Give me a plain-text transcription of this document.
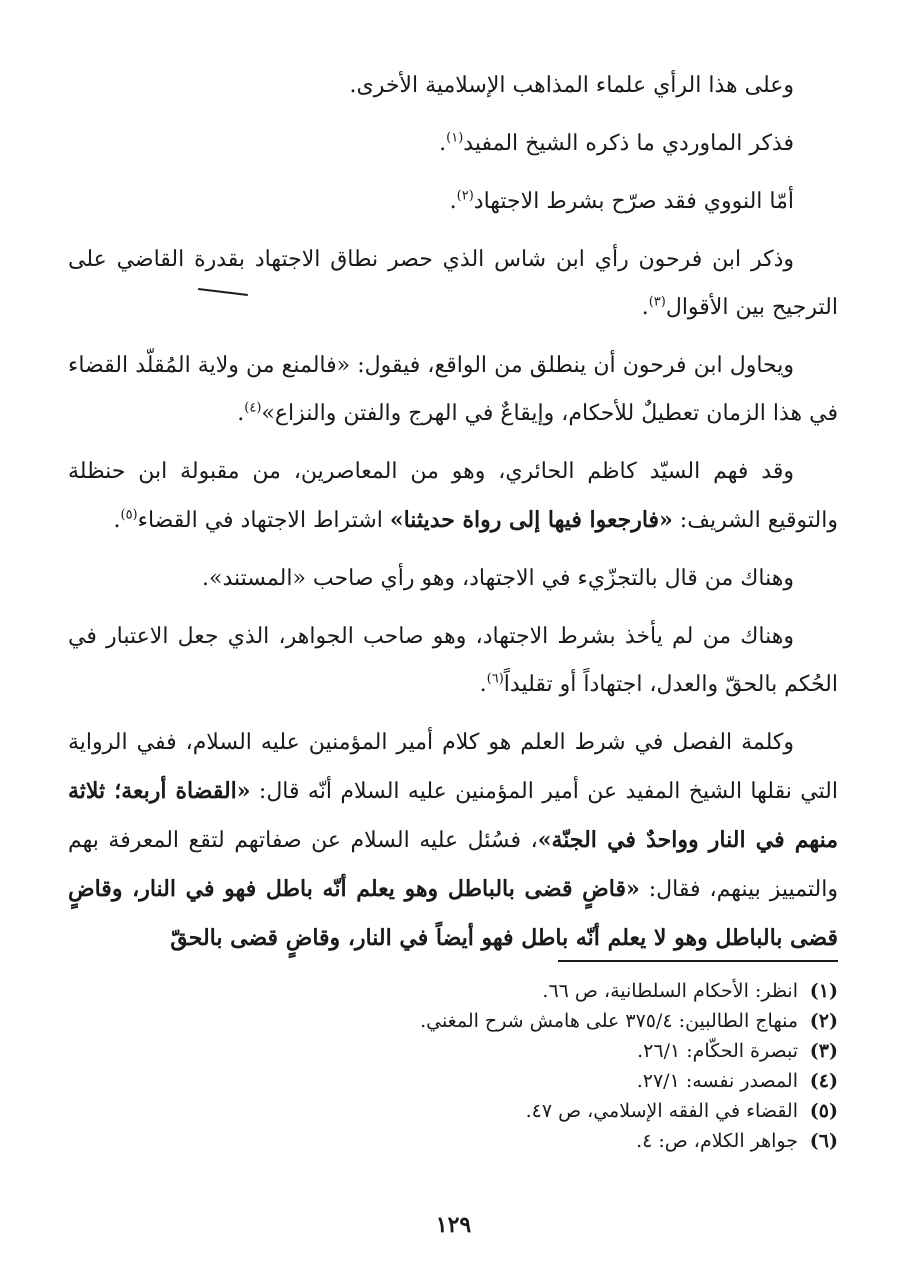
وعلى هذا الرأي علماء المذاهب الإسلامية الأخرى.

فذكر الماوردي ما ذكره الشيخ المفيد$^{(١)}$.

أمّا النووي فقد صرّح بشرط الاجتهاد$^{(٢)}$.

وذكر ابن فرحون رأي ابن شاس الذي حصر نطاق الاجتهاد بقدرة القاضي على الترجيح بين الأقوال$^{(٣)}$.

ويحاول ابن فرحون أن ينطلق من الواقع، فيقول: «فالمنع من ولاية المُقلّد القضاء في هذا الزمان تعطيلٌ للأحكام، وإيقاعٌ في الهرج والفتن والنزاع»$^{(٤)}$.

وقد فهم السيّد كاظم الحائري، وهو من المعاصرين، من مقبولة ابن حنظلة والتوقيع الشريف: «فارجعوا فيها إلى رواة حديثنا» اشتراط الاجتهاد في القضاء$^{(٥)}$.

وهناك من قال بالتجزّيء في الاجتهاد، وهو رأي صاحب «المستند».

وهناك من لم يأخذ بشرط الاجتهاد، وهو صاحب الجواهر، الذي جعل الاعتبار في الحُكم بالحقّ والعدل، اجتهاداً أو تقليداً$^{(٦)}$.

وكلمة الفصل في شرط العلم هو كلام أمير المؤمنين عليه السلام، ففي الرواية التي نقلها الشيخ المفيد عن أمير المؤمنين عليه السلام أنّه قال: «القضاة أربعة؛ ثلاثة منهم في النار وواحدٌ في الجنّة»، فسُئل عليه السلام عن صفاتهم لتقع المعرفة بهم والتمييز بينهم، فقال: «قاضٍ قضى بالباطل وهو يعلم أنّه باطل فهو في النار، وقاضٍ قضى بالباطل وهو لا يعلم أنّه باطل فهو أيضاً في النار، وقاضٍ قضى بالحقّ

(١)
انظر: الأحكام السلطانية، ص ٦٦.
(٢)
منهاج الطالبين: ٣٧٥/٤ على هامش شرح المغني.
(٣)
تبصرة الحكّام: ٢٦/١.
(٤)
المصدر نفسه: ٢٧/١.
(٥)
القضاء في الفقه الإسلامي، ص ٤٧.
(٦)
جواهر الكلام، ص: ٤.
١٢٩
